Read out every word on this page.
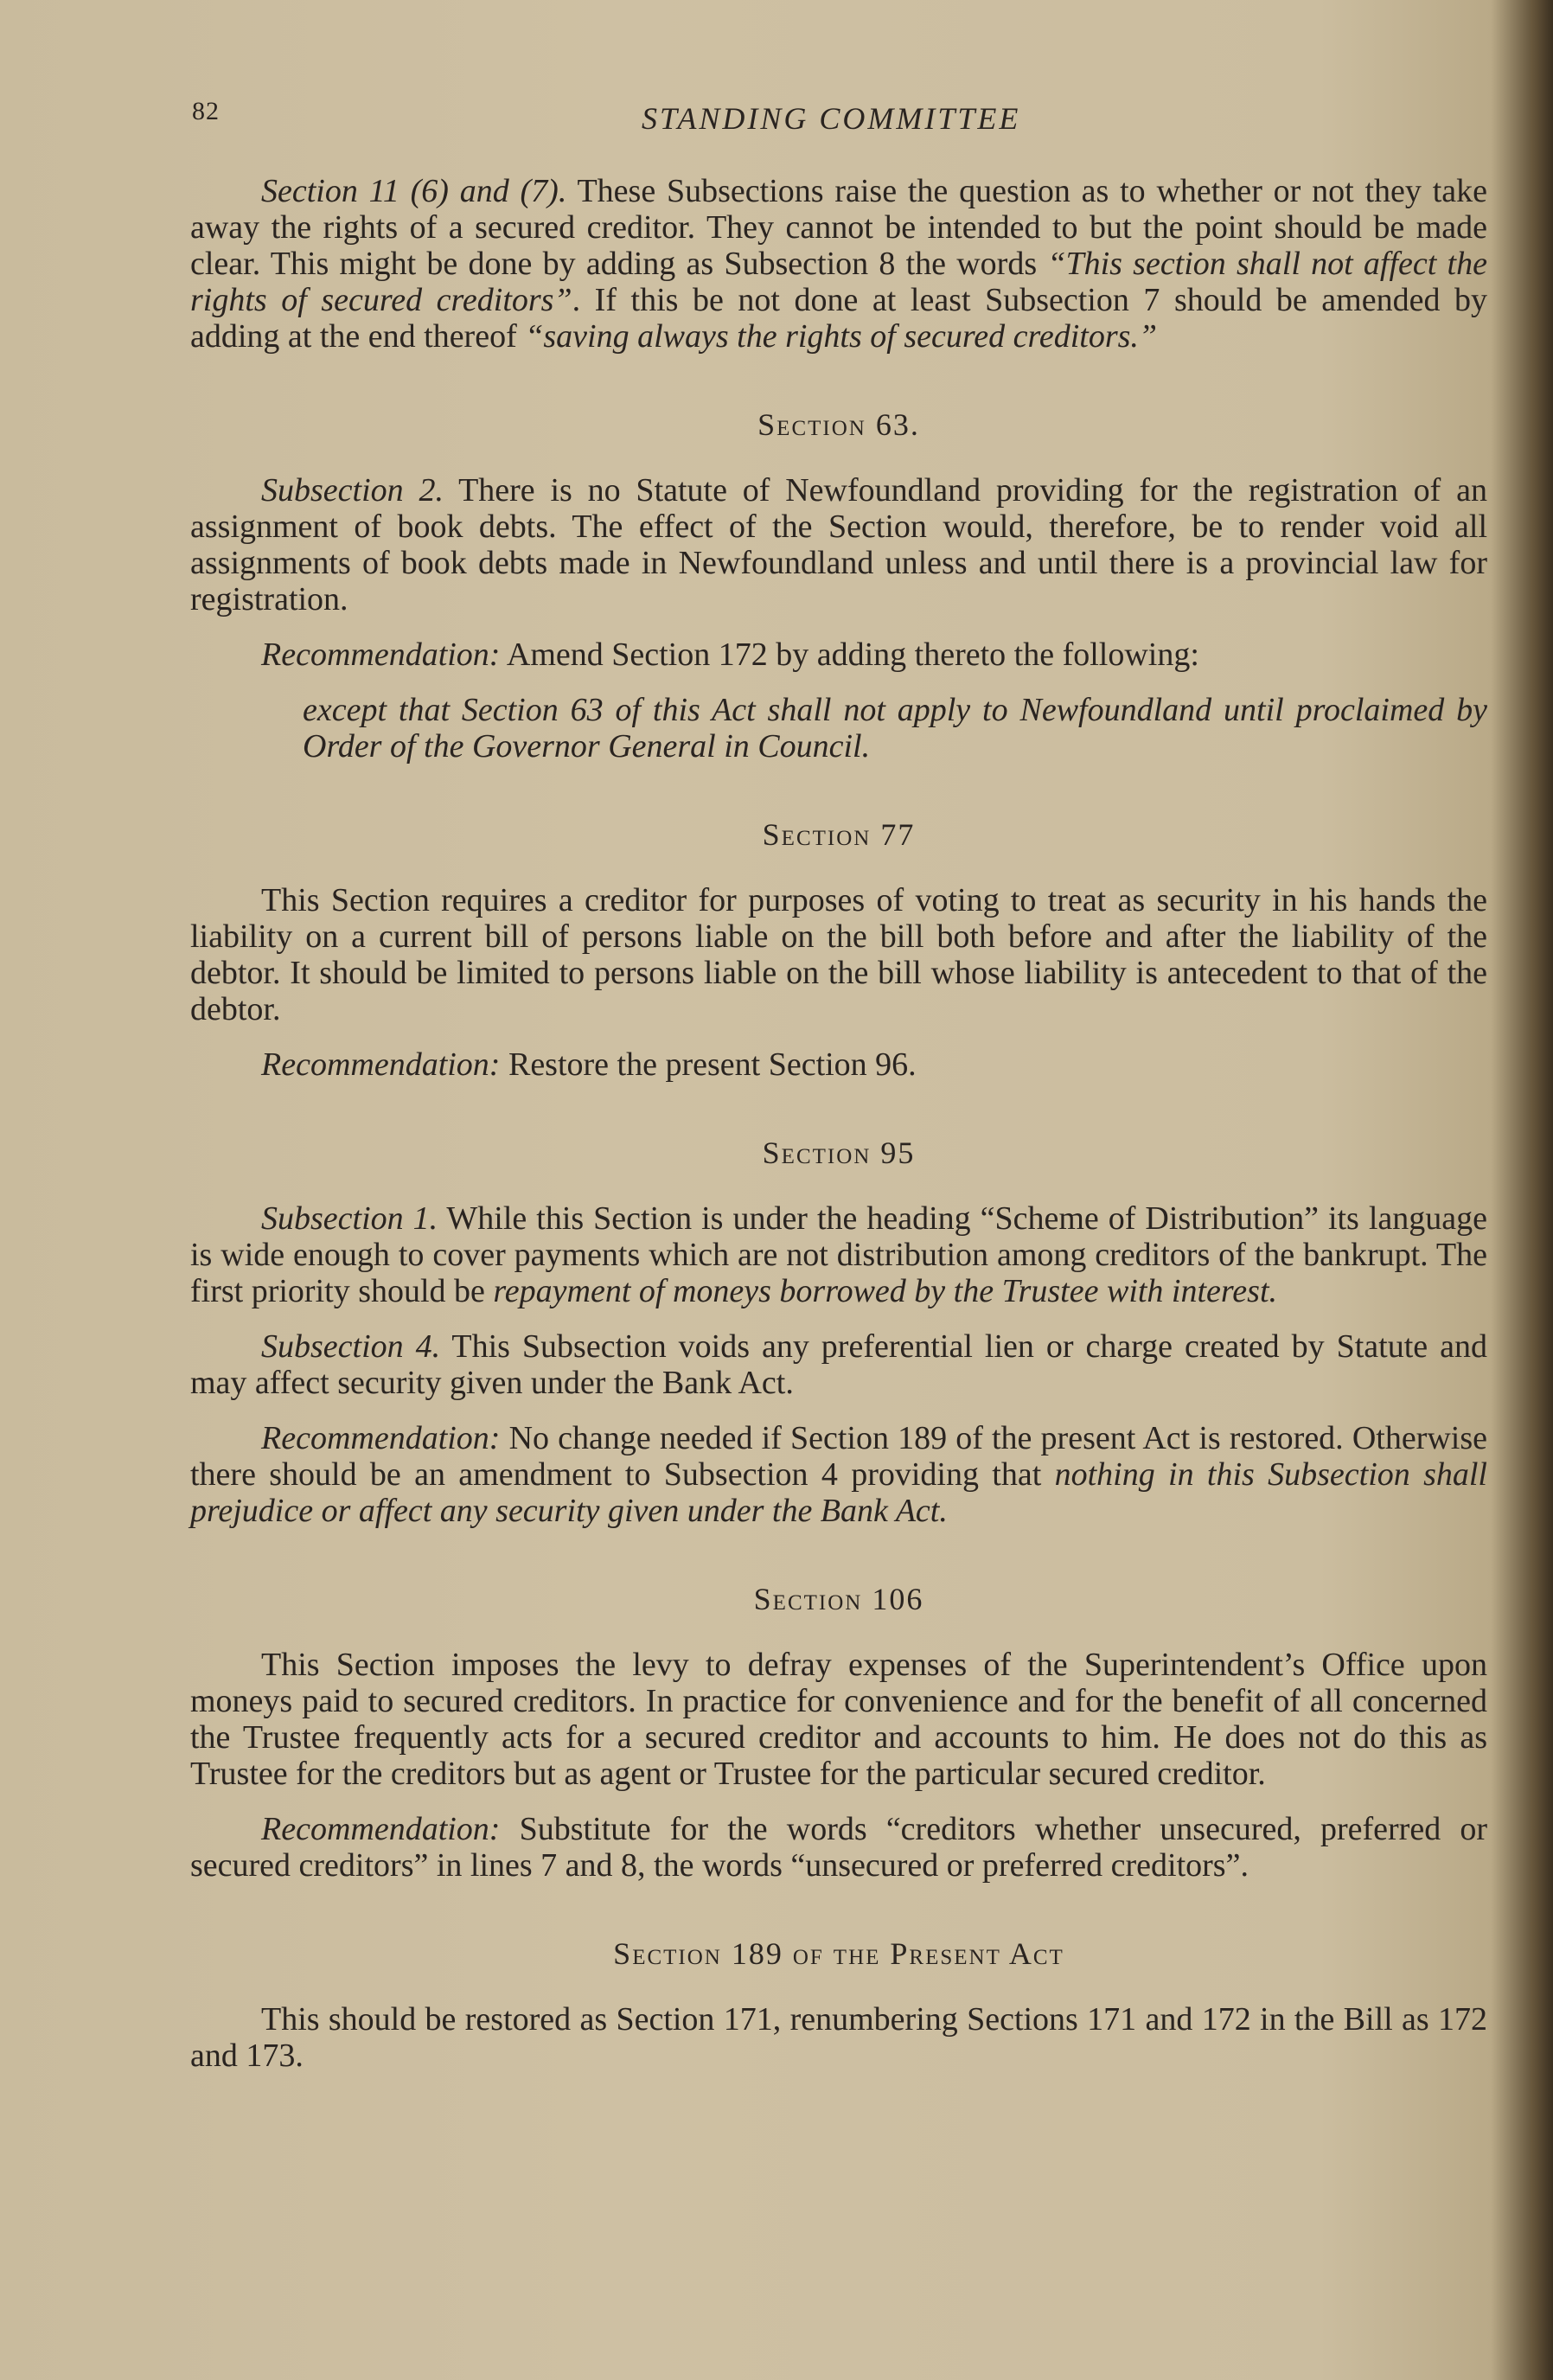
82	STANDING COMMITTEE

Section 11 (6) and (7). These Subsections raise the question as to whether or not they take away the rights of a secured creditor. They cannot be intended to but the point should be made clear. This might be done by adding as Subsection 8 the words “This section shall not affect the rights of secured creditors”. If this be not done at least Subsection 7 should be amended by adding at the end thereof “saving always the rights of secured creditors.”

Section 63.

Subsection 2. There is no Statute of Newfoundland providing for the registration of an assignment of book debts. The effect of the Section would, therefore, be to render void all assignments of book debts made in Newfoundland unless and until there is a provincial law for registration.

Recommendation: Amend Section 172 by adding thereto the following:

except that Section 63 of this Act shall not apply to Newfoundland until proclaimed by Order of the Governor General in Council.

Section 77

This Section requires a creditor for purposes of voting to treat as security in his hands the liability on a current bill of persons liable on the bill both before and after the liability of the debtor. It should be limited to persons liable on the bill whose liability is antecedent to that of the debtor.

Recommendation: Restore the present Section 96.

Section 95

Subsection 1. While this Section is under the heading “Scheme of Distribution” its language is wide enough to cover payments which are not distribution among creditors of the bankrupt. The first priority should be repayment of moneys borrowed by the Trustee with interest.

Subsection 4. This Subsection voids any preferential lien or charge created by Statute and may affect security given under the Bank Act.

Recommendation: No change needed if Section 189 of the present Act is restored. Otherwise there should be an amendment to Subsection 4 providing that nothing in this Subsection shall prejudice or affect any security given under the Bank Act.

Section 106

This Section imposes the levy to defray expenses of the Superintendent’s Office upon moneys paid to secured creditors. In practice for convenience and for the benefit of all concerned the Trustee frequently acts for a secured creditor and accounts to him. He does not do this as Trustee for the creditors but as agent or Trustee for the particular secured creditor.

Recommendation: Substitute for the words “creditors whether unsecured, preferred or secured creditors” in lines 7 and 8, the words “unsecured or preferred creditors”.

Section 189 of the Present Act

This should be restored as Section 171, renumbering Sections 171 and 172 in the Bill as 172 and 173.
